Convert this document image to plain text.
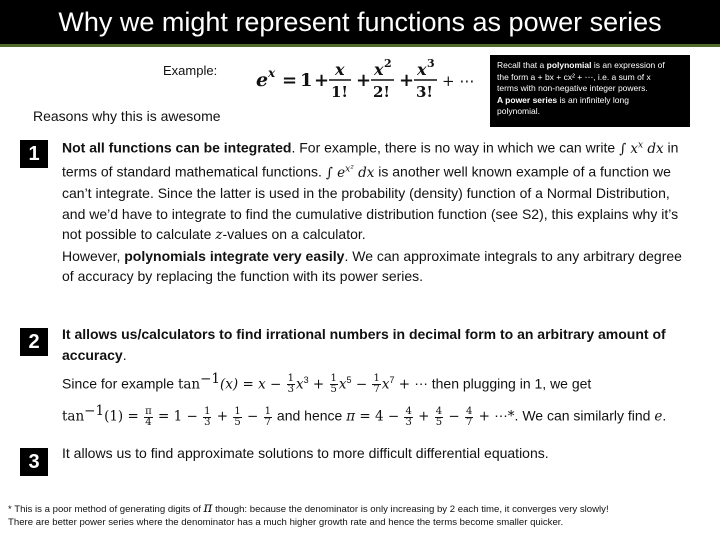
Why we might represent functions as power series
Example: e x = 1 +
x
1!
+
x 2
2!
+
x 3
3!
+ ⋯
Recall that a polynomial is an expression of
the form a + bx + cx² + ⋯, i.e. a sum of x
terms with non-negative integer powers.
A power series is an infinitely long
polynomial.
Reasons why this is awesome
1	Not all functions can be integrated. For example, there is no way in which we can write ∫ $x^x$ dx in terms of standard mathematical functions. ∫ $e^{x^2}$ dx is another well known example of a function we can’t integrate. Since the latter is used in the probability (density) function of a Normal Distribution, and we’d have to integrate to find the cumulative distribution function (see S2), this explains why it’s not possible to calculate z-values on a calculator.

However, polynomials integrate very easily. We can approximate integrals to any arbitrary degree of accuracy by replacing the function with its power series.

2	It allows us/calculators to find irrational numbers in decimal form to an arbitrary amount of accuracy.

Since for example $\tan^{-1}(x) = x - \frac{1}{3} x^3 + \frac{1}{5} x^5 - \frac{1}{7} x^7$ + ⋯ then plugging in 1, we get

$\tan^{-1}(1) = \frac{\pi}{4} = 1 - \frac{1}{3} + \frac{1}{5} - \frac{1}{7}$ and hence $\pi = 4 - \frac{4}{3} + \frac{4}{5} - \frac{4}{7}$ + ⋯*. We can similarly find e.

3	It allows us to find approximate solutions to more difficult differential equations.

* This is a poor method of generating digits of π though: because the denominator is only increasing by 2 each time, it converges very slowly!

There are better power series where the denominator has a much higher growth rate and hence the terms become smaller quicker.
